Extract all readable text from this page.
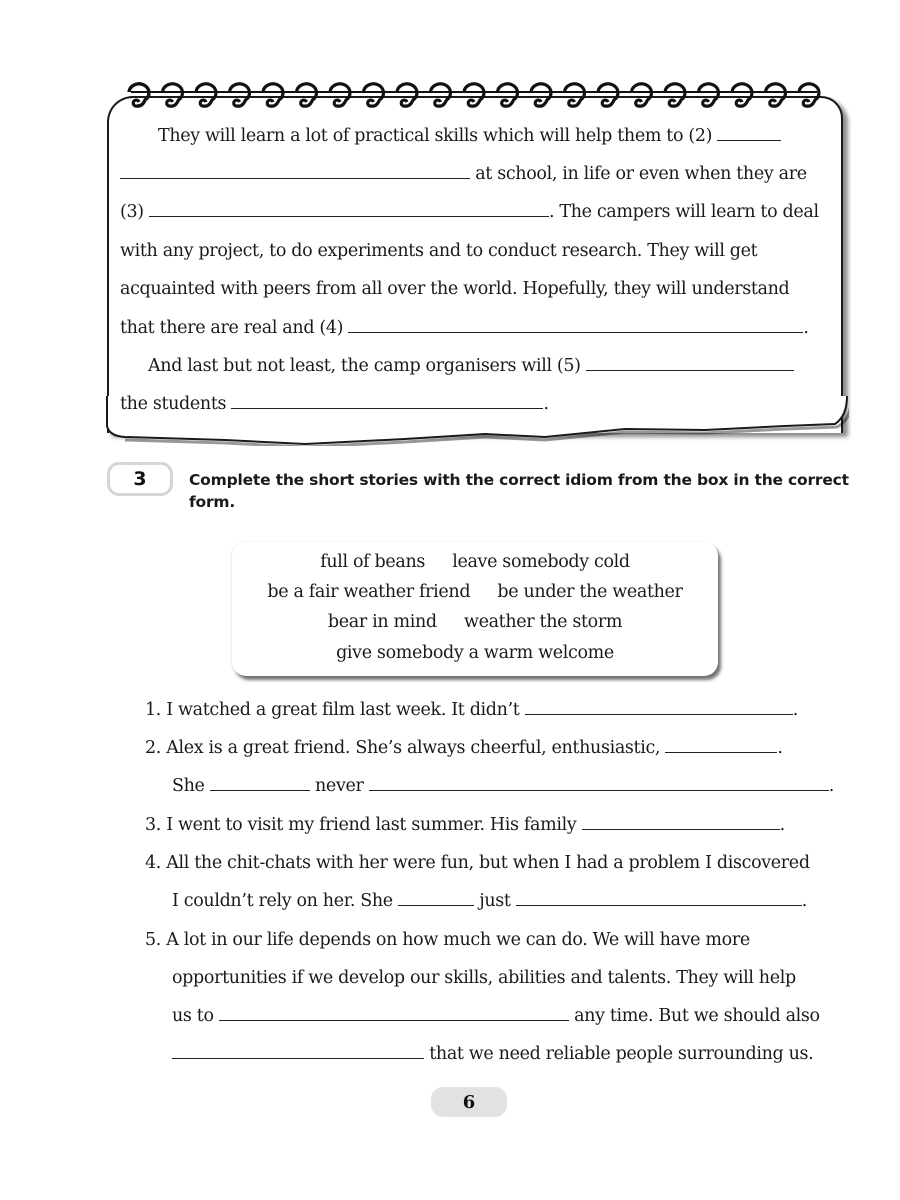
They will learn a lot of practical skills which will help them to (2)
at school, in life or even when they are
(3)	. The campers will learn to deal
with any project, to do experiments and to conduct research. They will get
acquainted with peers from all over the world. Hopefully, they will understand
that there are real and (4)	.
And last but not least, the camp organisers will (5)
the students	.
3	Complete the short stories with the correct idiom from the box in the correct form.
full of beans leave somebody cold
be a fair weather friend be under the weather
bear in mind weather the storm
give somebody a warm welcome
1. I watched a great film last week. It didn’t	.
2. Alex is a great friend. She’s always cheerful, enthusiastic,	.
She	never	.
3. I went to visit my friend last summer. His family	.
4. All the chit-chats with her were fun, but when I had a problem I discovered
I couldn’t rely on her. She	just	.
5. A lot in our life depends on how much we can do. We will have more
opportunities if we develop our skills, abilities and talents. They will help
us to	any time. But we should also
that we need reliable people surrounding us.
6
